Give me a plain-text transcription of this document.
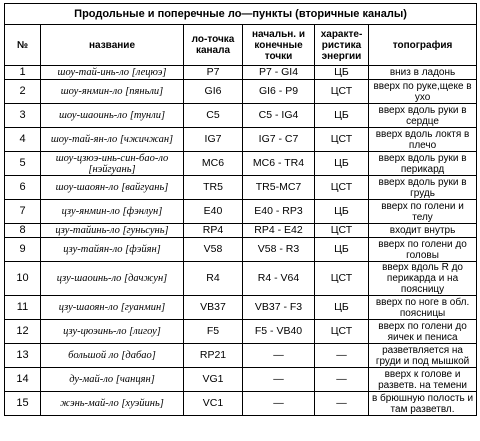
Продольные и поперечные ло—пункты (вторичные каналы)					
№	название	ло-точка канала	начальн. и конечные точки	характе-ристика энергии	топография
1	шоу-тай-инь-ло [лецюэ]	P7	P7 - GI4	ЦБ	вниз в ладонь
2	шоу-янмин-ло [пяньли]	GI6	GI6 - P9	ЦСТ	вверх по руке,щеке в ухо
3	шоу-шаоинь-ло [тунли]	C5	C5 - IG4	ЦБ	вверх вдоль руки в сердце
4	шоу-тай-ян-ло [чжичжан]	IG7	IG7 - C7	ЦСТ	вверх вдоль локтя в плечо
5	шоу-цзюэ-инь-син-бао-ло [нэйгуань]	MC6	MC6 - TR4	ЦБ	вверх вдоль руки в перикард
6	шоу-шаоян-ло [вайгуань]	TR5	TR5-MC7	ЦСТ	вверх вдоль руки в грудь
7	цзу-янмин-ло [фэнлун]	E40	E40 - RP3	ЦБ	вверх по голени и телу
8	цзу-тайинь-ло [гуньсунь]	RP4	RP4 - E42	ЦСТ	входит внутрь
9	цзу-тайян-ло [фэйян]	V58	V58 - R3	ЦБ	вверх по голени до головы
10	цзу-шаоинь-ло [дачжун]	R4	R4 - V64	ЦСТ	вверх вдоль R до перикарда и на поясницу
11	цзу-шаоян-ло [гуанмин]	VB37	VB37 - F3	ЦБ	вверх по ноге в обл. поясницы
12	цзу-цюэинь-ло [лигоу]	F5	F5 - VB40	ЦСТ	вверх по голени до яичек и пениса
13	большой ло [дабао]	RP21	—	—	разветвляется на груди и под мышкой
14	ду-май-ло [чанцян]	VG1	—	—	вверх к голове и разветв. на темени
15	жэнь-май-ло [хуэйинь]	VC1	—	—	в брюшную полость и там разветвл.
